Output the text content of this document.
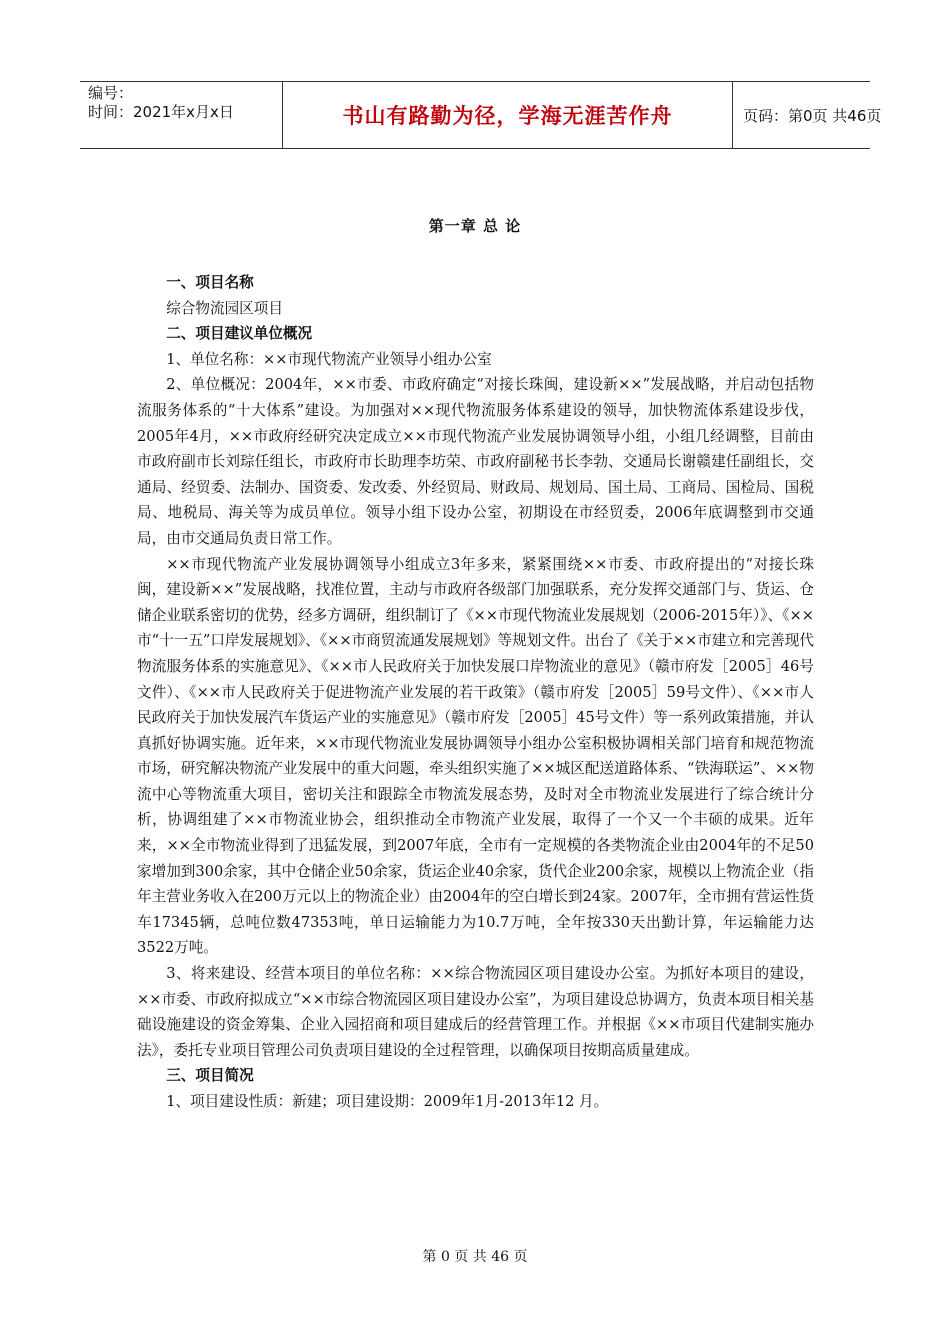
编号：
时间：2021年x月x日	书山有路勤为径，学海无涯苦作舟	页码：第0页 共46页
第一章 总 论
一、项目名称

综合物流园区项目

二、项目建议单位概况

1、单位名称：××市现代物流产业领导小组办公室

2、单位概况：2004年，××市委、市政府确定“对接长珠闽，建设新××”发展战略，并启动包括物流服务体系的“十大体系”建设。为加强对××现代物流服务体系建设的领导，加快物流体系建设步伐，2005年4月，××市政府经研究决定成立××市现代物流产业发展协调领导小组，小组几经调整，目前由市政府副市长刘琮任组长，市政府市长助理李坊荣、市政府副秘书长李勃、交通局长谢赣建任副组长，交通局、经贸委、法制办、国资委、发改委、外经贸局、财政局、规划局、国土局、工商局、国检局、国税局、地税局、海关等为成员单位。领导小组下设办公室，初期设在市经贸委，2006年底调整到市交通局，由市交通局负责日常工作。

××市现代物流产业发展协调领导小组成立3年多来，紧紧围绕××市委、市政府提出的“对接长珠闽，建设新××”发展战略，找准位置，主动与市政府各级部门加强联系，充分发挥交通部门与、货运、仓储企业联系密切的优势，经多方调研，组织制订了《××市现代物流业发展规划（2006-2015年）》、《××市“十一五”口岸发展规划》、《××市商贸流通发展规划》等规划文件。出台了《关于××市建立和完善现代物流服务体系的实施意见》、《××市人民政府关于加快发展口岸物流业的意见》（赣市府发［2005］46号文件）、《××市人民政府关于促进物流产业发展的若干政策》（赣市府发［2005］59号文件）、《××市人民政府关于加快发展汽车货运产业的实施意见》（赣市府发［2005］45号文件）等一系列政策措施，并认真抓好协调实施。近年来，××市现代物流业发展协调领导小组办公室积极协调相关部门培育和规范物流市场，研究解决物流产业发展中的重大问题，牵头组织实施了××城区配送道路体系、“铁海联运”、××物流中心等物流重大项目，密切关注和跟踪全市物流发展态势，及时对全市物流业发展进行了综合统计分析，协调组建了××市物流业协会，组织推动全市物流产业发展，取得了一个又一个丰硕的成果。近年来，××全市物流业得到了迅猛发展，到2007年底，全市有一定规模的各类物流企业由2004年的不足50家增加到300余家，其中仓储企业50余家，货运企业40余家，货代企业200余家，规模以上物流企业（指年主营业务收入在200万元以上的物流企业）由2004年的空白增长到24家。2007年，全市拥有营运性货车17345辆，总吨位数47353吨，单日运输能力为10.7万吨，全年按330天出勤计算，年运输能力达3522万吨。

3、将来建设、经营本项目的单位名称：××综合物流园区项目建设办公室。为抓好本项目的建设，××市委、市政府拟成立“××市综合物流园区项目建设办公室”，为项目建设总协调方，负责本项目相关基础设施建设的资金筹集、企业入园招商和项目建成后的经营管理工作。并根据《××市项目代建制实施办法》，委托专业项目管理公司负责项目建设的全过程管理，以确保项目按期高质量建成。

三、项目简况

1、项目建设性质：新建；项目建设期：2009年1月-2013年12 月。

第 0 页 共 46 页
